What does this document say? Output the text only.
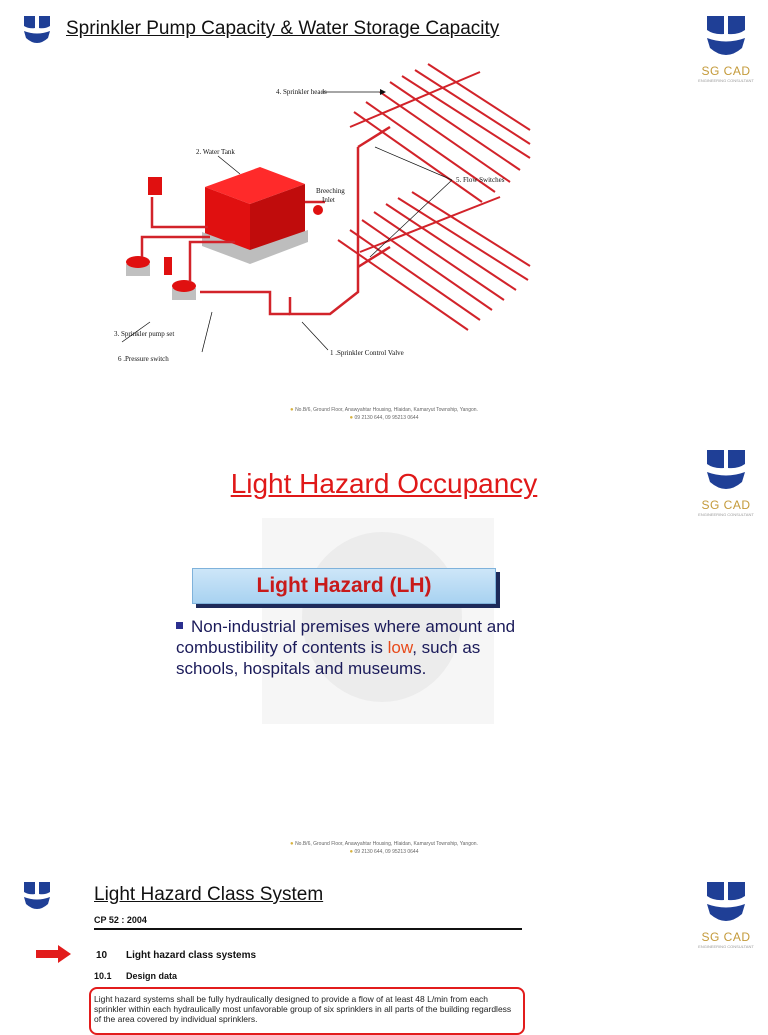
Sprinkler Pump Capacity & Water Storage Capacity
SG CAD
ENGINEERING CONSULTANT
4. Sprinkler heads
2. Water Tank
Breeching
Inlet
5. Flow Switches
3. Sprinkler pump set
6 .Pressure switch
1 .Sprinkler Control Valve
● No.B/6, Ground Floor, Anawyahtar Housing, Hlaidan, Kamaryut Township, Yangon.
● 09 2130 644, 09 95213 0644
Light Hazard Occupancy
SG CAD
ENGINEERING CONSULTANT
Light Hazard (LH)
Non-industrial premises where amount and combustibility of contents is low, such as schools, hospitals and museums.
● No.B/6, Ground Floor, Anawyahtar Housing, Hlaidan, Kamaryut Township, Yangon.
● 09 2130 644, 09 95213 0644
Light Hazard Class System
SG CAD
ENGINEERING CONSULTANT
CP 52 : 2004
10 Light hazard class systems
10.1 Design data
Light hazard systems shall be fully hydraulically designed to provide a flow of at least 48 L/min from each sprinkler within each hydraulically most unfavorable group of six sprinklers in all parts of the building regardless of the area covered by individual sprinklers.
